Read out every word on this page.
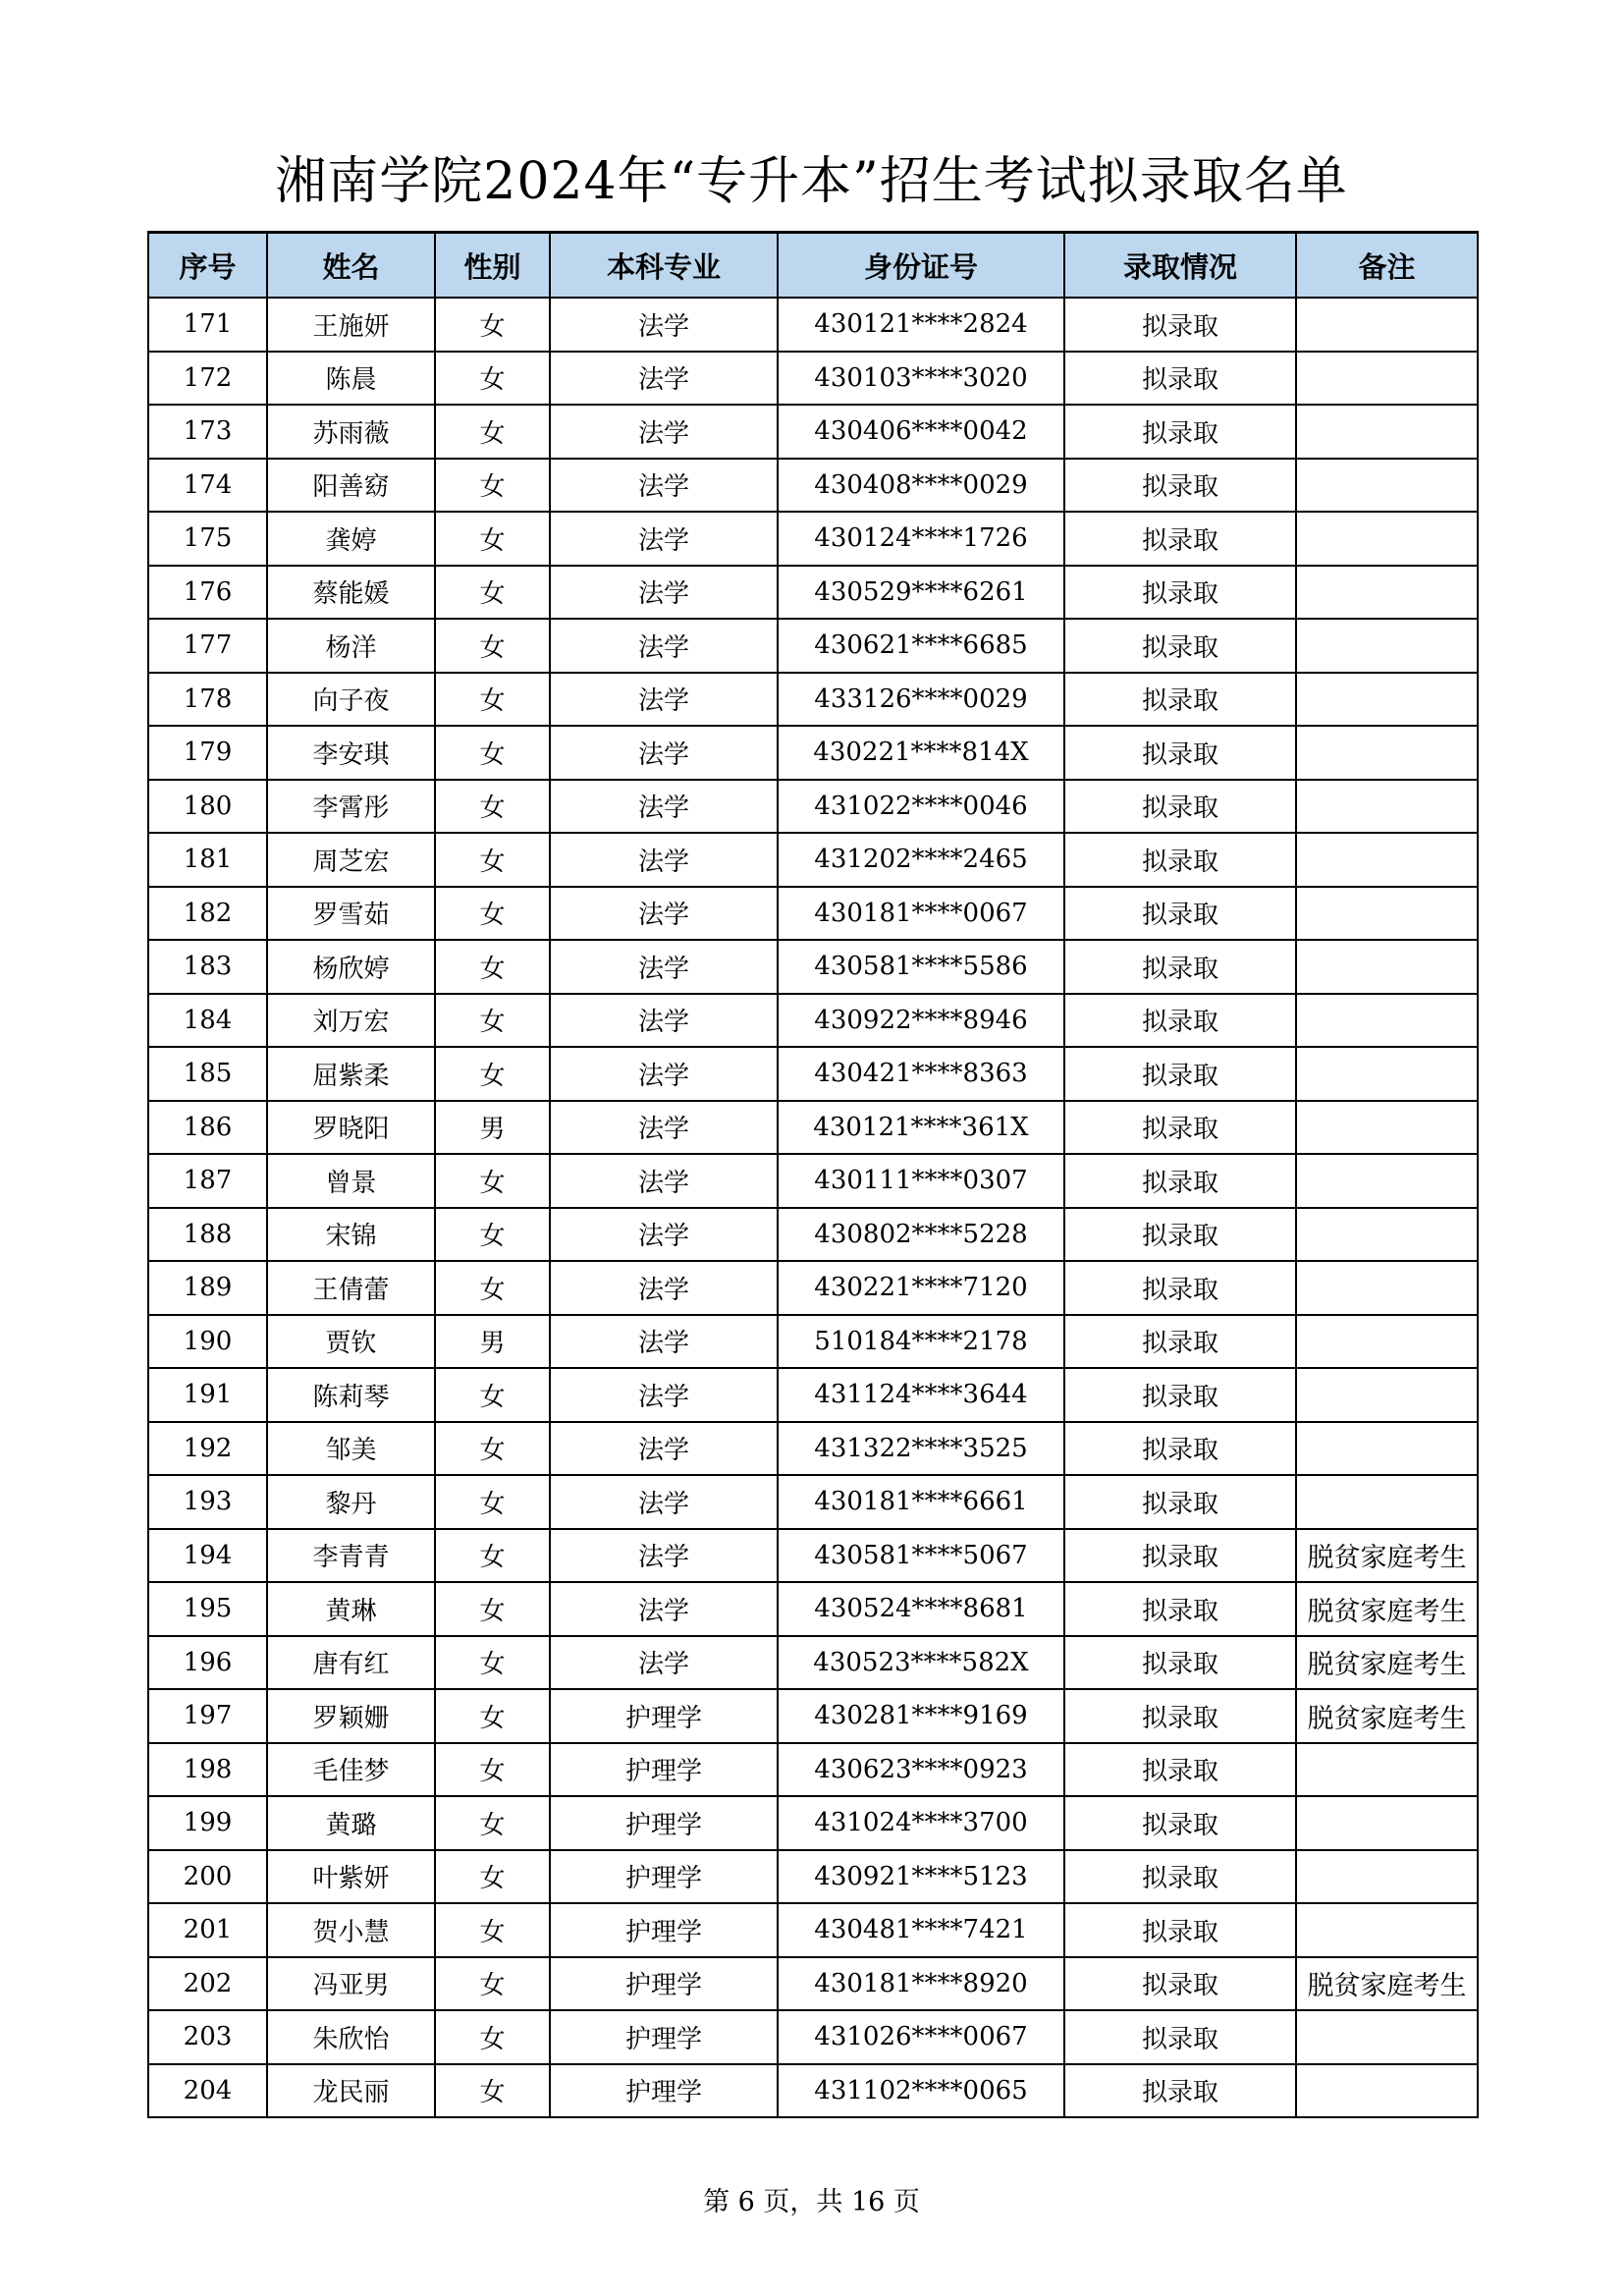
湘南学院2024年“专升本”招生考试拟录取名单
序号	姓名	性别	本科专业	身份证号	录取情况	备注
171	王施妍	女	法学	430121****2824	拟录取	
172	陈晨	女	法学	430103****3020	拟录取	
173	苏雨薇	女	法学	430406****0042	拟录取	
174	阳善窈	女	法学	430408****0029	拟录取	
175	龚婷	女	法学	430124****1726	拟录取	
176	蔡能媛	女	法学	430529****6261	拟录取	
177	杨洋	女	法学	430621****6685	拟录取	
178	向子夜	女	法学	433126****0029	拟录取	
179	李安琪	女	法学	430221****814X	拟录取	
180	李霄彤	女	法学	431022****0046	拟录取	
181	周芝宏	女	法学	431202****2465	拟录取	
182	罗雪茹	女	法学	430181****0067	拟录取	
183	杨欣婷	女	法学	430581****5586	拟录取	
184	刘万宏	女	法学	430922****8946	拟录取	
185	屈紫柔	女	法学	430421****8363	拟录取	
186	罗晓阳	男	法学	430121****361X	拟录取	
187	曾景	女	法学	430111****0307	拟录取	
188	宋锦	女	法学	430802****5228	拟录取	
189	王倩蕾	女	法学	430221****7120	拟录取	
190	贾钦	男	法学	510184****2178	拟录取	
191	陈莉琴	女	法学	431124****3644	拟录取	
192	邹美	女	法学	431322****3525	拟录取	
193	黎丹	女	法学	430181****6661	拟录取	
194	李青青	女	法学	430581****5067	拟录取	脱贫家庭考生
195	黄琳	女	法学	430524****8681	拟录取	脱贫家庭考生
196	唐有红	女	法学	430523****582X	拟录取	脱贫家庭考生
197	罗颖姗	女	护理学	430281****9169	拟录取	脱贫家庭考生
198	毛佳梦	女	护理学	430623****0923	拟录取	
199	黄璐	女	护理学	431024****3700	拟录取	
200	叶紫妍	女	护理学	430921****5123	拟录取	
201	贺小慧	女	护理学	430481****7421	拟录取	
202	冯亚男	女	护理学	430181****8920	拟录取	脱贫家庭考生
203	朱欣怡	女	护理学	431026****0067	拟录取	
204	龙民丽	女	护理学	431102****0065	拟录取	
第 6 页，共 16 页
